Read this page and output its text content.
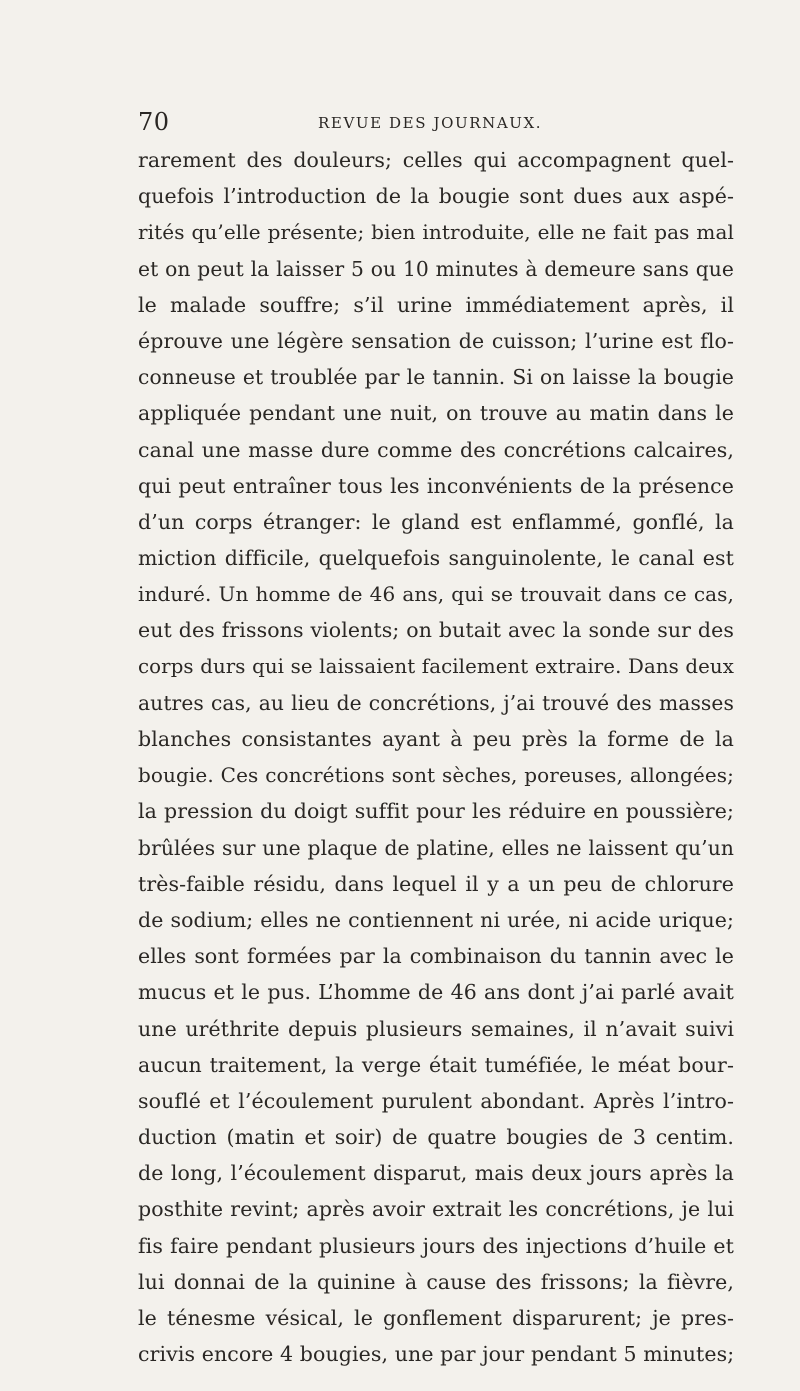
70	REVUE DES JOURNAUX.
rarement des douleurs; celles qui accompagnent quel-
quefois l’introduction de la bougie sont dues aux aspé-
rités qu’elle présente; bien introduite, elle ne fait pas mal
et on peut la laisser 5 ou 10 minutes à demeure sans que
le malade souffre; s’il urine immédiatement après, il
éprouve une légère sensation de cuisson; l’urine est flo-
conneuse et troublée par le tannin. Si on laisse la bougie
appliquée pendant une nuit, on trouve au matin dans le
canal une masse dure comme des concrétions calcaires,
qui peut entraîner tous les inconvénients de la présence
d’un corps étranger: le gland est enflammé, gonflé, la
miction difficile, quelquefois sanguinolente, le canal est
induré. Un homme de 46 ans, qui se trouvait dans ce cas,
eut des frissons violents; on butait avec la sonde sur des
corps durs qui se laissaient facilement extraire. Dans deux
autres cas, au lieu de concrétions, j’ai trouvé des masses
blanches consistantes ayant à peu près la forme de la
bougie. Ces concrétions sont sèches, poreuses, allongées;
la pression du doigt suffit pour les réduire en poussière;
brûlées sur une plaque de platine, elles ne laissent qu’un
très-faible résidu, dans lequel il y a un peu de chlorure
de sodium; elles ne contiennent ni urée, ni acide urique;
elles sont formées par la combinaison du tannin avec le
mucus et le pus. L’homme de 46 ans dont j’ai parlé avait
une uréthrite depuis plusieurs semaines, il n’avait suivi
aucun traitement, la verge était tuméfiée, le méat bour-
souflé et l’écoulement purulent abondant. Après l’intro-
duction (matin et soir) de quatre bougies de 3 centim.
de long, l’écoulement disparut, mais deux jours après la
posthite revint; après avoir extrait les concrétions, je lui
fis faire pendant plusieurs jours des injections d’huile et
lui donnai de la quinine à cause des frissons; la fièvre,
le ténesme vésical, le gonflement disparurent; je pres-
crivis encore 4 bougies, une par jour pendant 5 minutes;
